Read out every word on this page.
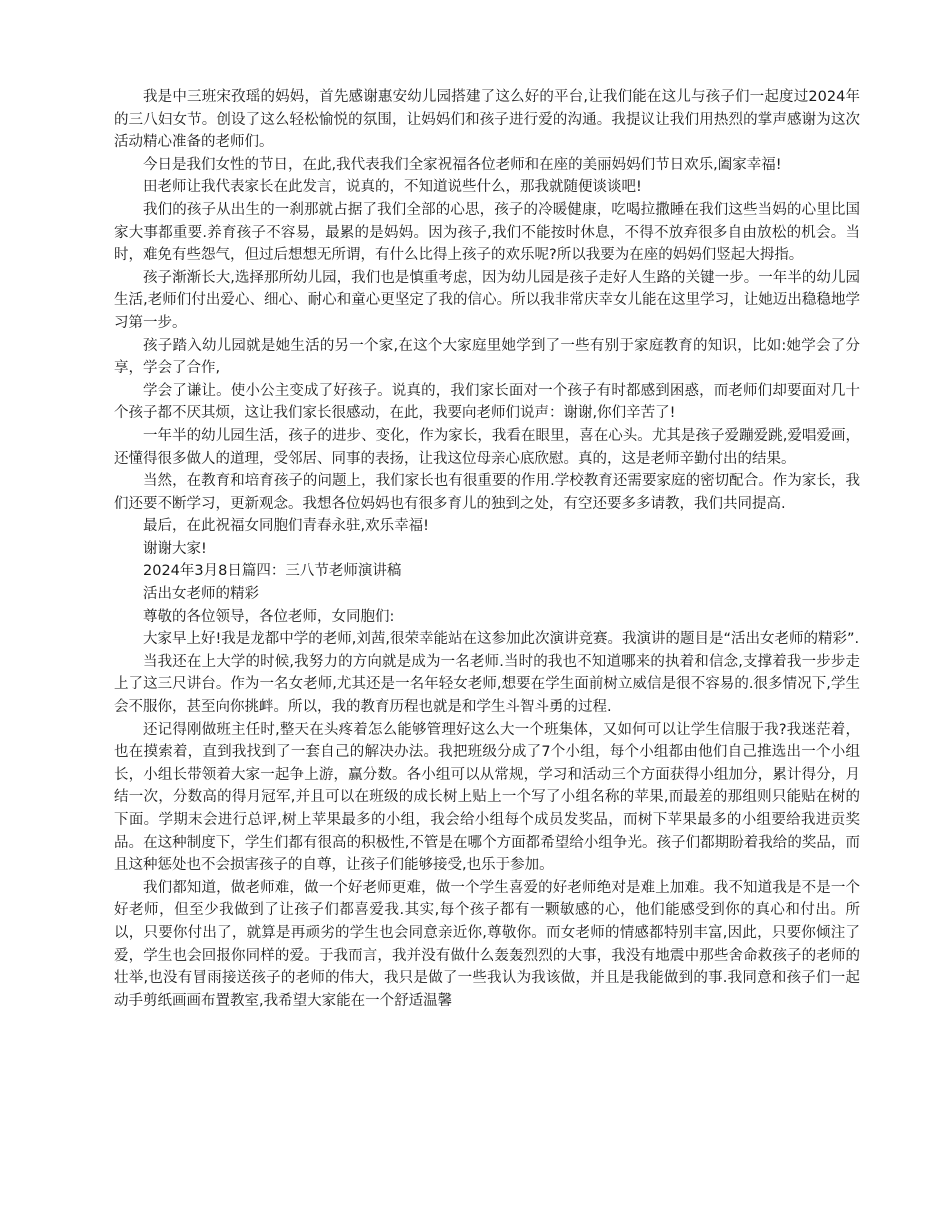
我是中三班宋孜瑶的妈妈，首先感谢惠安幼儿园搭建了这么好的平台,让我们能在这儿与孩子们一起度过2024年的三八妇女节。创设了这么轻松愉悦的氛围，让妈妈们和孩子进行爱的沟通。我提议让我们用热烈的掌声感谢为这次活动精心准备的老师们。

今日是我们女性的节日，在此,我代表我们全家祝福各位老师和在座的美丽妈妈们节日欢乐,阖家幸福!

田老师让我代表家长在此发言，说真的，不知道说些什么，那我就随便谈谈吧!

我们的孩子从出生的一刹那就占据了我们全部的心思，孩子的冷暖健康，吃喝拉撒睡在我们这些当妈的心里比国家大事都重要.养育孩子不容易，最累的是妈妈。因为孩子,我们不能按时休息，不得不放弃很多自由放松的机会。当时，难免有些怨气，但过后想想无所谓，有什么比得上孩子的欢乐呢?所以我要为在座的妈妈们竖起大拇指。

孩子渐渐长大,选择那所幼儿园，我们也是慎重考虑，因为幼儿园是孩子走好人生路的关键一步。一年半的幼儿园生活,老师们付出爱心、细心、耐心和童心更坚定了我的信心。所以我非常庆幸女儿能在这里学习，让她迈出稳稳地学习第一步。

孩子踏入幼儿园就是她生活的另一个家,在这个大家庭里她学到了一些有别于家庭教育的知识，比如:她学会了分享，学会了合作,

学会了谦让。使小公主变成了好孩子。说真的，我们家长面对一个孩子有时都感到困惑，而老师们却要面对几十个孩子都不厌其烦，这让我们家长很感动，在此，我要向老师们说声：谢谢,你们辛苦了!

一年半的幼儿园生活，孩子的进步、变化，作为家长，我看在眼里，喜在心头。尤其是孩子爱蹦爱跳,爱唱爱画，还懂得很多做人的道理，受邻居、同事的表扬，让我这位母亲心底欣慰。真的，这是老师辛勤付出的结果。

当然，在教育和培育孩子的问题上，我们家长也有很重要的作用.学校教育还需要家庭的密切配合。作为家长，我们还要不断学习，更新观念。我想各位妈妈也有很多育儿的独到之处，有空还要多多请教，我们共同提高.

最后，在此祝福女同胞们青春永驻,欢乐幸福!

谢谢大家!

2024年3月8日篇四：三八节老师演讲稿

活出女老师的精彩

尊敬的各位领导，各位老师，女同胞们:

大家早上好!我是龙都中学的老师,刘茜,很荣幸能站在这参加此次演讲竞赛。我演讲的题目是“活出女老师的精彩”.

当我还在上大学的时候,我努力的方向就是成为一名老师.当时的我也不知道哪来的执着和信念,支撑着我一步步走上了这三尺讲台。作为一名女老师,尤其还是一名年轻女老师,想要在学生面前树立威信是很不容易的.很多情况下,学生会不服你，甚至向你挑衅。所以，我的教育历程也就是和学生斗智斗勇的过程.

还记得刚做班主任时,整天在头疼着怎么能够管理好这么大一个班集体，又如何可以让学生信服于我?我迷茫着，也在摸索着，直到我找到了一套自己的解决办法。我把班级分成了7个小组，每个小组都由他们自己推选出一个小组长，小组长带领着大家一起争上游，赢分数。各小组可以从常规，学习和活动三个方面获得小组加分，累计得分，月结一次，分数高的得月冠军,并且可以在班级的成长树上贴上一个写了小组名称的苹果,而最差的那组则只能贴在树的下面。学期末会进行总评,树上苹果最多的小组，我会给小组每个成员发奖品，而树下苹果最多的小组要给我进贡奖品。在这种制度下，学生们都有很高的积极性,不管是在哪个方面都希望给小组争光。孩子们都期盼着我给的奖品，而且这种惩处也不会损害孩子的自尊，让孩子们能够接受,也乐于参加。

我们都知道，做老师难，做一个好老师更难，做一个学生喜爱的好老师绝对是难上加难。我不知道我是不是一个好老师，但至少我做到了让孩子们都喜爱我.其实,每个孩子都有一颗敏感的心，他们能感受到你的真心和付出。所以，只要你付出了，就算是再顽劣的学生也会同意亲近你,尊敬你。而女老师的情感都特别丰富,因此，只要你倾注了爱，学生也会回报你同样的爱。于我而言，我并没有做什么轰轰烈烈的大事，我没有地震中那些舍命救孩子的老师的壮举,也没有冒雨接送孩子的老师的伟大，我只是做了一些我认为我该做，并且是我能做到的事.我同意和孩子们一起动手剪纸画画布置教室,我希望大家能在一个舒适温馨
